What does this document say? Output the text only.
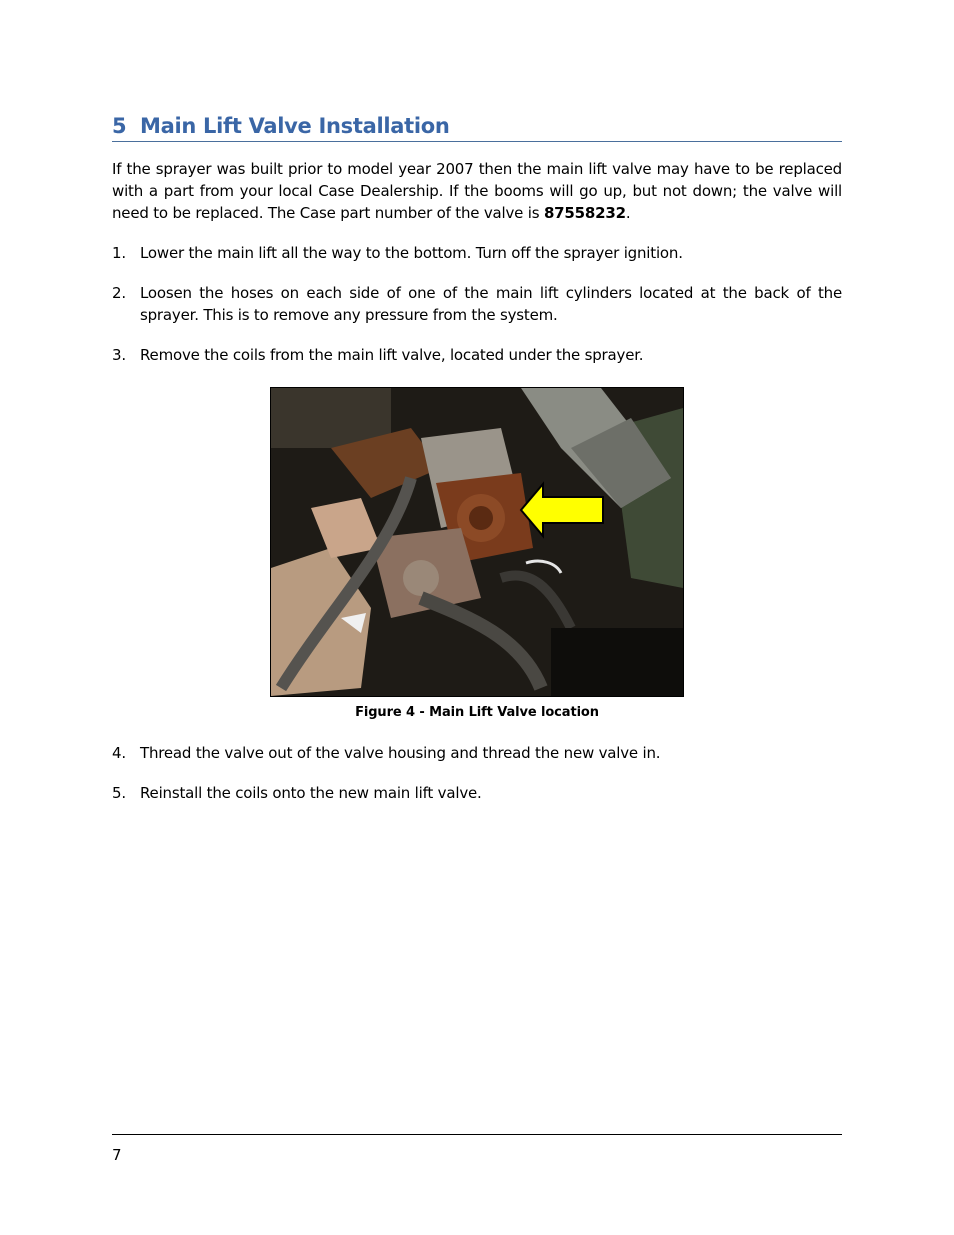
5 Main Lift Valve Installation
If the sprayer was built prior to model year 2007 then the main lift valve may have to be replaced with a part from your local Case Dealership. If the booms will go up, but not down; the valve will need to be replaced. The Case part number of the valve is 87558232.
1. Lower the main lift all the way to the bottom. Turn off the sprayer ignition.
2. Loosen the hoses on each side of one of the main lift cylinders located at the back of the sprayer. This is to remove any pressure from the system.
3. Remove the coils from the main lift valve, located under the sprayer.
Figure 4 - Main Lift Valve location
4. Thread the valve out of the valve housing and thread the new valve in.
5. Reinstall the coils onto the new main lift valve.
7
